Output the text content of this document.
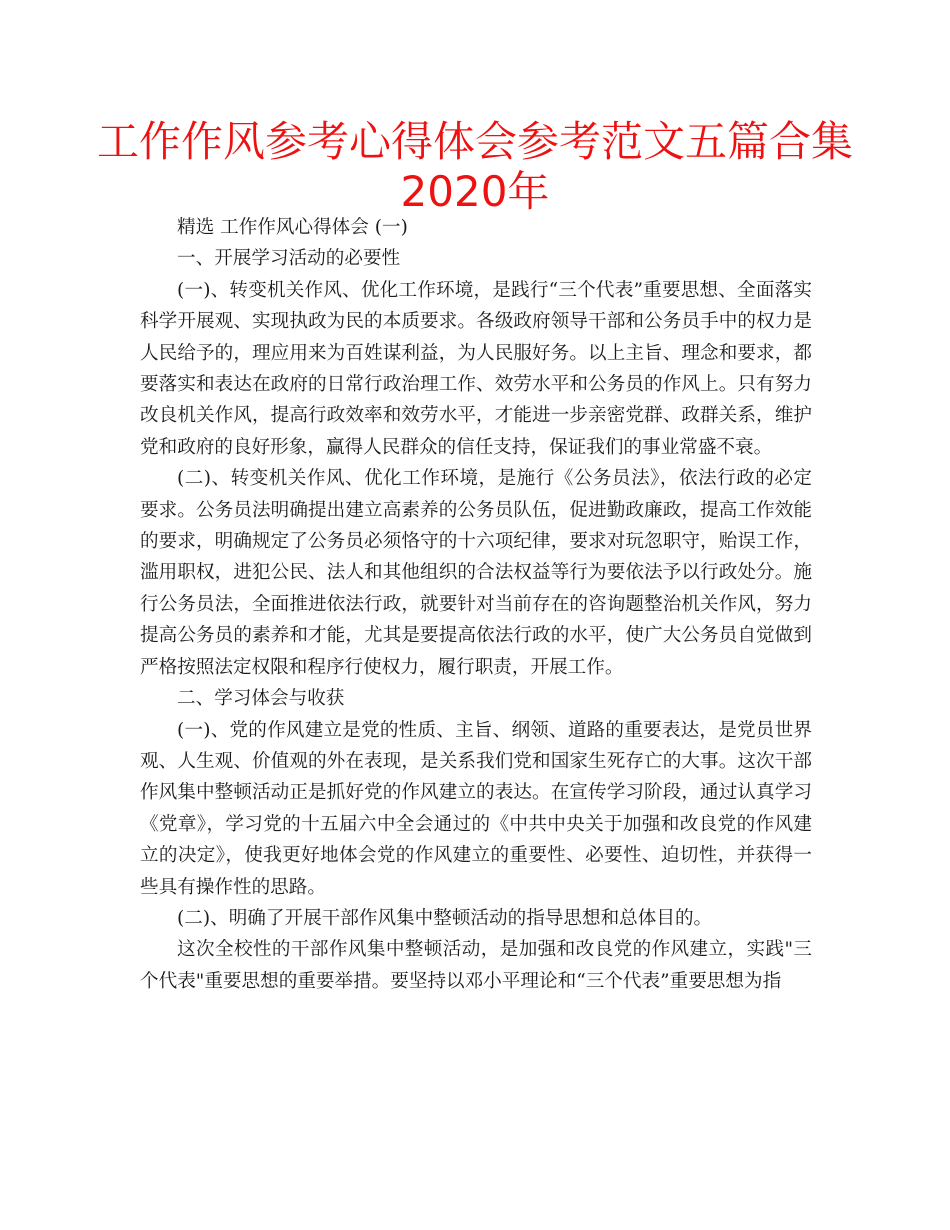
工作作风参考心得体会参考范文五篇合集
2020年

精选 工作作风心得体会 (一)

一、开展学习活动的必要性

(一)、转变机关作风、优化工作环境，是践行“三个代表”重要思想、全面落实科学开展观、实现执政为民的本质要求。各级政府领导干部和公务员手中的权力是人民给予的，理应用来为百姓谋利益，为人民服好务。以上主旨、理念和要求，都要落实和表达在政府的日常行政治理工作、效劳水平和公务员的作风上。只有努力改良机关作风，提高行政效率和效劳水平，才能进一步亲密党群、政群关系，维护党和政府的良好形象，赢得人民群众的信任支持，保证我们的事业常盛不衰。

(二)、转变机关作风、优化工作环境，是施行《公务员法》，依法行政的必定要求。公务员法明确提出建立高素养的公务员队伍，促进勤政廉政，提高工作效能的要求，明确规定了公务员必须恪守的十六项纪律，要求对玩忽职守，贻误工作，滥用职权，进犯公民、法人和其他组织的合法权益等行为要依法予以行政处分。施行公务员法，全面推进依法行政，就要针对当前存在的咨询题整治机关作风，努力提高公务员的素养和才能，尤其是要提高依法行政的水平，使广大公务员自觉做到严格按照法定权限和程序行使权力，履行职责，开展工作。

二、学习体会与收获

(一)、党的作风建立是党的性质、主旨、纲领、道路的重要表达，是党员世界观、人生观、价值观的外在表现，是关系我们党和国家生死存亡的大事。这次干部作风集中整顿活动正是抓好党的作风建立的表达。在宣传学习阶段，通过认真学习《党章》，学习党的十五届六中全会通过的《中共中央关于加强和改良党的作风建立的决定》，使我更好地体会党的作风建立的重要性、必要性、迫切性，并获得一些具有操作性的思路。

(二)、明确了开展干部作风集中整顿活动的指导思想和总体目的。

这次全校性的干部作风集中整顿活动，是加强和改良党的作风建立，实践"三个代表"重要思想的重要举措。要坚持以邓小平理论和“三个代表”重要思想为指
